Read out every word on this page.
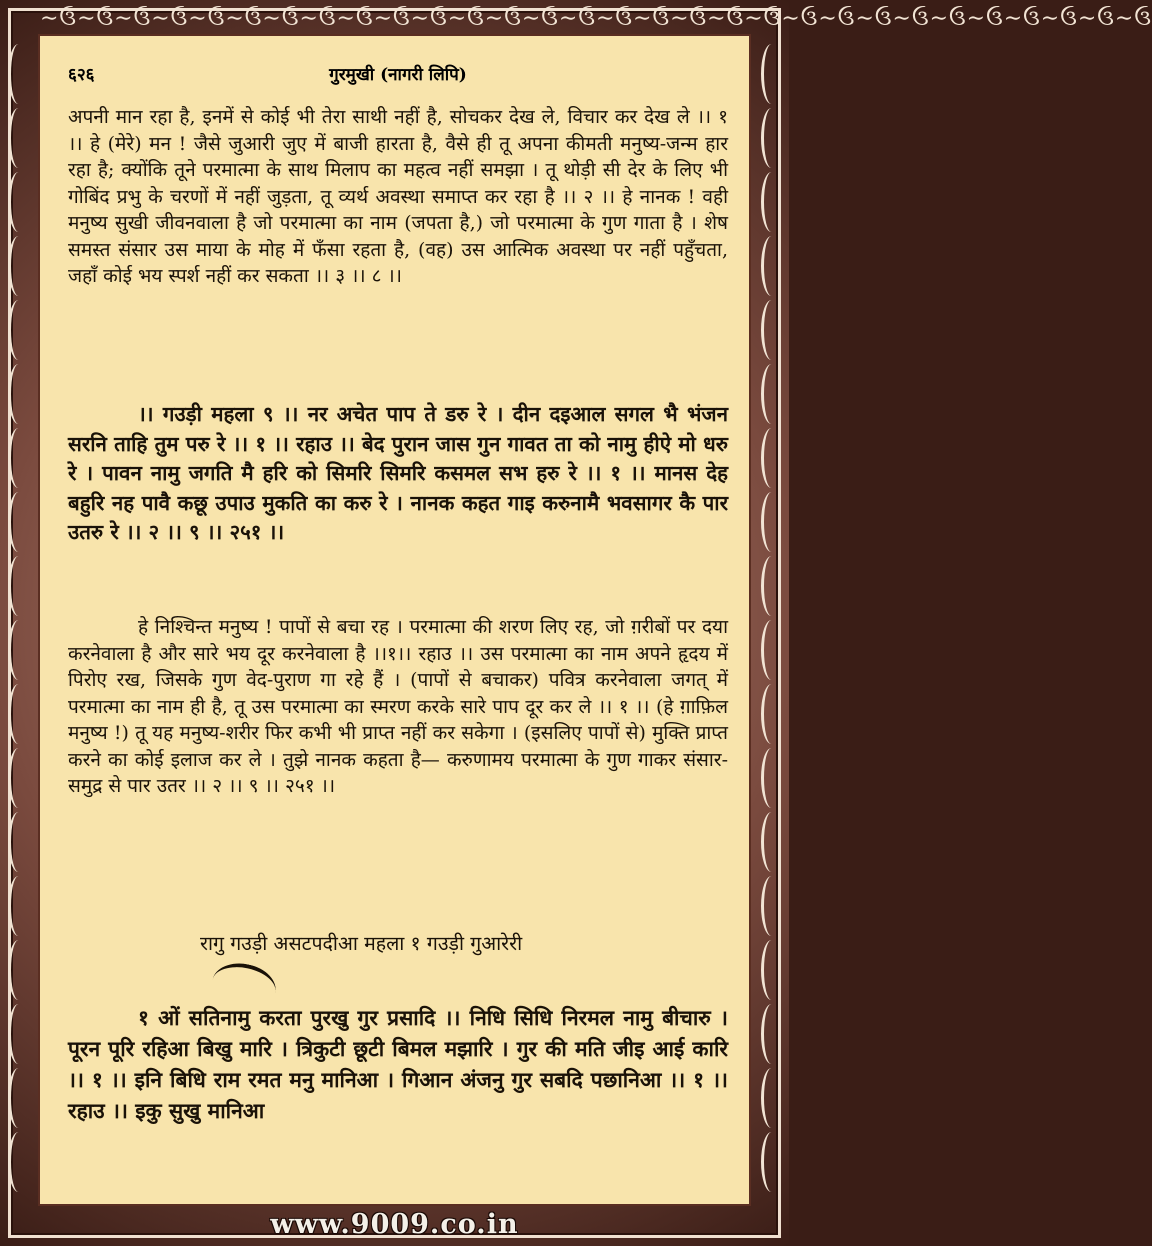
∼ઉ∼ઉ∼ઉ∼ઉ∼ઉ∼ઉ∼ઉ∼ઉ∼ઉ∼ઉ∼ઉ∼ઉ∼ઉ∼ઉ∼ઉ∼ઉ∼ઉ∼ઉ∼ઉ∼ઉ∼ઉ∼ઉ∼ઉ∼ઉ∼ઉ∼ઉ∼ઉ∼ઉ∼ઉ∼ઉ
www.9009.co.in
६२६	गुरमुखी (नागरी लिपि)

अपनी मान रहा है, इनमें से कोई भी तेरा साथी नहीं है, सोचकर देख ले, विचार कर देख ले ।। १ ।। हे (मेरे) मन ! जैसे जुआरी जुए में बाजी हारता है, वैसे ही तू अपना कीमती मनुष्य-जन्म हार रहा है; क्योंकि तूने परमात्मा के साथ मिलाप का महत्व नहीं समझा । तू थोड़ी सी देर के लिए भी गोबिंद प्रभु के चरणों में नहीं जुड़ता, तू व्यर्थ अवस्था समाप्त कर रहा है ।। २ ।। हे नानक ! वही मनुष्य सुखी जीवनवाला है जो परमात्मा का नाम (जपता है,) जो परमात्मा के गुण गाता है । शेष समस्त संसार उस माया के मोह में फँसा रहता है, (वह) उस आत्मिक अवस्था पर नहीं पहुँचता, जहाँ कोई भय स्पर्श नहीं कर सकता ।। ३ ।। ८ ।।

।। गउड़ी महला ९ ।। नर अचेत पाप ते डरु रे । दीन दइआल सगल भै भंजन सरनि ताहि तुम परु रे ।। १ ।। रहाउ ।। बेद पुरान जास गुन गावत ता को नामु हीऐ मो धरु रे । पावन नामु जगति मै हरि को सिमरि सिमरि कसमल सभ हरु रे ।। १ ।। मानस देह बहुरि नह पावै कछू उपाउ मुकति का करु रे । नानक कहत गाइ करुनामै भवसागर कै पार उतरु रे ।। २ ।। ९ ।। २५१ ।।

हे निश्चिन्त मनुष्य ! पापों से बचा रह । परमात्मा की शरण लिए रह, जो ग़रीबों पर दया करनेवाला है और सारे भय दूर करनेवाला है ।।१।। रहाउ ।। उस परमात्मा का नाम अपने हृदय में पिरोए रख, जिसके गुण वेद-पुराण गा रहे हैं । (पापों से बचाकर) पवित्र करनेवाला जगत् में परमात्मा का नाम ही है, तू उस परमात्मा का स्मरण करके सारे पाप दूर कर ले ।। १ ।। (हे ग़ाफ़िल मनुष्य !) तू यह मनुष्य-शरीर फिर कभी भी प्राप्त नहीं कर सकेगा । (इसलिए पापों से) मुक्ति प्राप्त करने का कोई इलाज कर ले । तुझे नानक कहता है— करुणामय परमात्मा के गुण गाकर संसार-समुद्र से पार उतर ।। २ ।। ९ ।। २५१ ।।

रागु गउड़ी असटपदीआ महला १ गउड़ी गुआरेरी

१ ओं सतिनामु करता पुरखु गुर प्रसादि ।। निधि सिधि निरमल नामु बीचारु । पूरन पूरि रहिआ बिखु मारि । त्रिकुटी छूटी बिमल मझारि । गुर की मति जीइ आई कारि ।। १ ।। इनि बिधि राम रमत मनु मानिआ । गिआन अंजनु गुर सबदि पछानिआ ।। १ ।। रहाउ ।। इकु सुखु मानिआ
